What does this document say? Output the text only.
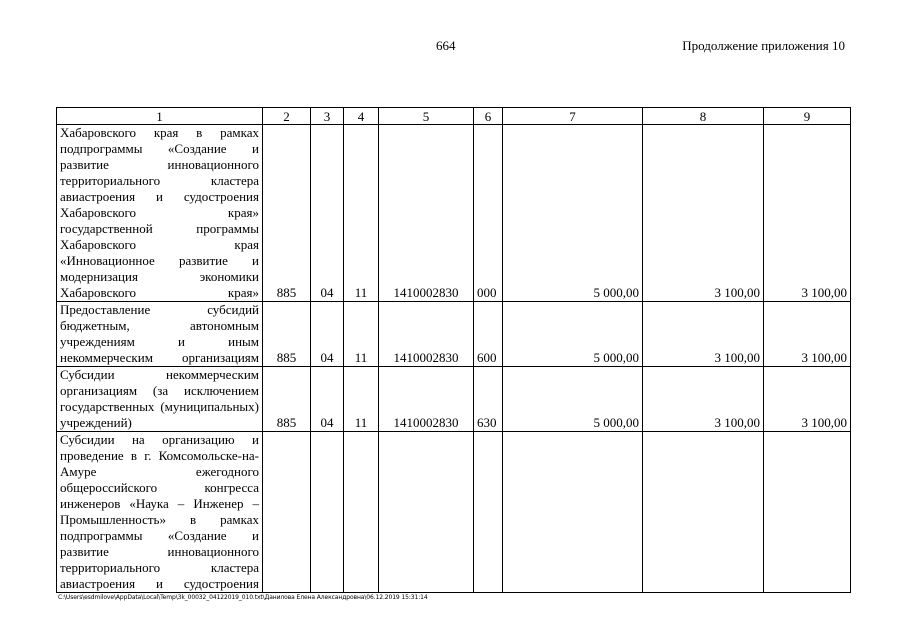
664	Продолжение приложения 10
1	2	3	4	5	6	7	8	9
Хабаровского края в рамках подпрограммы «Создание и развитие инновационного территориального кластера авиастроения и судостроения Хабаровского края» государственной программы Хабаровского края «Инновационное развитие и модернизация экономики Хабаровского края»	885	04	11	1410002830	000	5 000,00	3 100,00	3 100,00
Предоставление субсидий бюджетным, автономным учреждениям и иным некоммерческим организациям	885	04	11	1410002830	600	5 000,00	3 100,00	3 100,00
Субсидии некоммерческим организациям (за исключением государственных (муниципальных) учреждений)	885	04	11	1410002830	630	5 000,00	3 100,00	3 100,00
Субсидии на организацию и проведение в г. Комсомольске-на-Амуре ежегодного общероссийского конгресса инженеров «Наука – Инженер – Промышленность» в рамках подпрограммы «Создание и развитие инновационного территориального кластера авиастроения и судостроения								
C:\Users\esdmilove\AppData\Local\Temp\3k_00032_04122019_010.txt\Данилова Елена Александровна\06.12.2019 15:31:14
